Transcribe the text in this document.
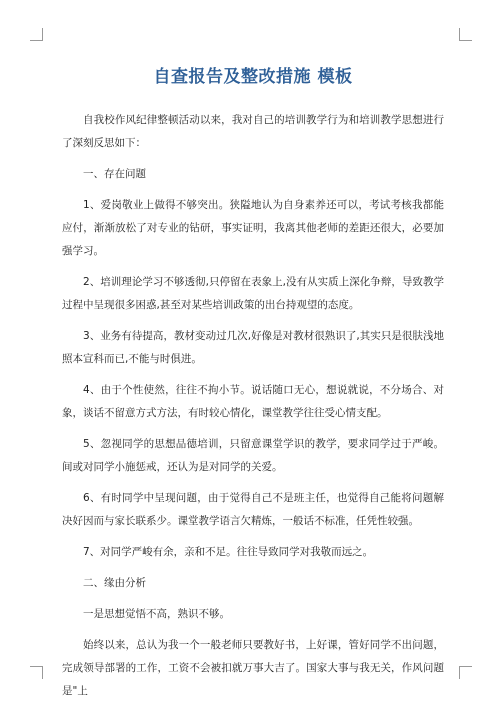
自查报告及整改措施 模板

自我校作风纪律整顿活动以来，我对自己的培训教学行为和培训教学思想进行了深刻反思如下：

一、存在问题

1、爱岗敬业上做得不够突出。狭隘地认为自身素养还可以，考试考核我都能应付，渐渐放松了对专业的钻研，事实证明，我离其他老师的差距还很大，必要加强学习。

2、培训理论学习不够透彻,只停留在表象上,没有从实质上深化争辩，导致教学过程中呈现很多困惑,甚至对某些培训政策的出台持观望的态度。

3、业务有待提高，教材变动过几次,好像是对教材很熟识了,其实只是很肤浅地照本宣科而已,不能与时俱进。

4、由于个性使然，往往不拘小节。说话随口无心，想说就说，不分场合、对象，谈话不留意方式方法，有时较心情化，课堂教学往往受心情支配。

5、忽视同学的思想品德培训，只留意课堂学识的教学，要求同学过于严峻。间或对同学小施惩戒，还认为是对同学的关爱。

6、有时同学中呈现问题，由于觉得自己不是班主任，也觉得自己能将问题解决好因而与家长联系少。课堂教学语言欠精炼，一般话不标准，任凭性较强。

7、对同学严峻有余，亲和不足。往往导致同学对我敬而远之。

二、缘由分析

一是思想觉悟不高，熟识不够。

始终以来，总认为我一个一般老师只要教好书，上好课，管好同学不出问题，完成领导部署的工作，工资不会被扣就万事大吉了。国家大事与我无关，作风问题是"上
